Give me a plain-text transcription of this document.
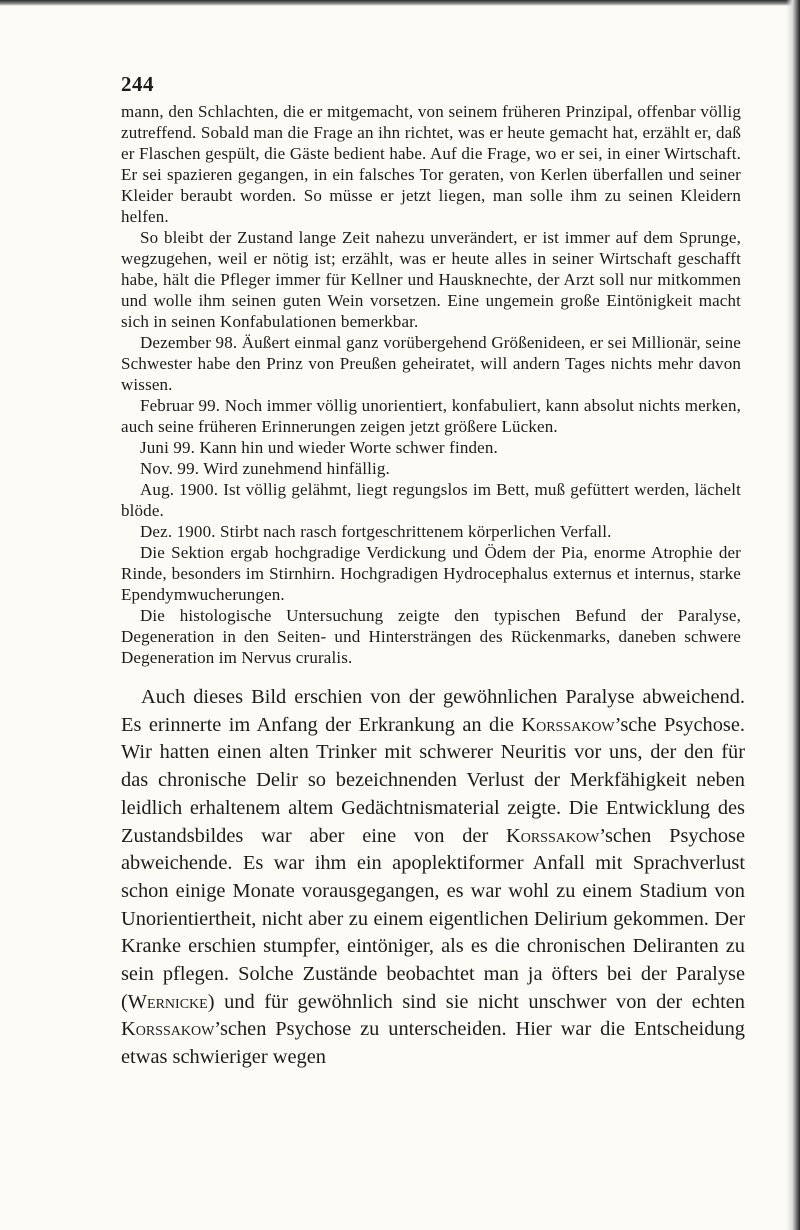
244

mann, den Schlachten, die er mitgemacht, von seinem früheren Prinzipal, offenbar völlig zutreffend. Sobald man die Frage an ihn richtet, was er heute gemacht hat, erzählt er, daß er Flaschen gespült, die Gäste bedient habe. Auf die Frage, wo er sei, in einer Wirtschaft. Er sei spazieren gegangen, in ein falsches Tor geraten, von Kerlen überfallen und seiner Kleider beraubt worden. So müsse er jetzt liegen, man solle ihm zu seinen Kleidern helfen.

So bleibt der Zustand lange Zeit nahezu unverändert, er ist immer auf dem Sprunge, wegzugehen, weil er nötig ist; erzählt, was er heute alles in seiner Wirtschaft geschafft habe, hält die Pfleger immer für Kellner und Hausknechte, der Arzt soll nur mitkommen und wolle ihm seinen guten Wein vorsetzen. Eine ungemein große Eintönigkeit macht sich in seinen Konfabulationen bemerkbar.

Dezember 98. Äußert einmal ganz vorübergehend Größenideen, er sei Millionär, seine Schwester habe den Prinz von Preußen geheiratet, will andern Tages nichts mehr davon wissen.

Februar 99. Noch immer völlig unorientiert, konfabuliert, kann absolut nichts merken, auch seine früheren Erinnerungen zeigen jetzt größere Lücken.

Juni 99. Kann hin und wieder Worte schwer finden.

Nov. 99. Wird zunehmend hinfällig.

Aug. 1900. Ist völlig gelähmt, liegt regungslos im Bett, muß gefüttert werden, lächelt blöde.

Dez. 1900. Stirbt nach rasch fortgeschrittenem körperlichen Verfall.

Die Sektion ergab hochgradige Verdickung und Ödem der Pia, enorme Atrophie der Rinde, besonders im Stirnhirn. Hochgradigen Hydrocephalus externus et internus, starke Ependymwucherungen.

Die histologische Untersuchung zeigte den typischen Befund der Paralyse, Degeneration in den Seiten- und Hintersträngen des Rückenmarks, daneben schwere Degeneration im Nervus cruralis.

Auch dieses Bild erschien von der gewöhnlichen Paralyse abweichend. Es erinnerte im Anfang der Erkrankung an die Korssakow’sche Psychose. Wir hatten einen alten Trinker mit schwerer Neuritis vor uns, der den für das chronische Delir so bezeichnenden Verlust der Merkfähigkeit neben leidlich erhaltenem altem Gedächtnismaterial zeigte. Die Entwicklung des Zustandsbildes war aber eine von der Korssakow’schen Psychose abweichende. Es war ihm ein apoplektiformer Anfall mit Sprachverlust schon einige Monate vorausgegangen, es war wohl zu einem Stadium von Unorientiertheit, nicht aber zu einem eigentlichen Delirium gekommen. Der Kranke erschien stumpfer, eintöniger, als es die chronischen Deliranten zu sein pflegen. Solche Zustände beobachtet man ja öfters bei der Paralyse (Wernicke) und für gewöhnlich sind sie nicht unschwer von der echten Korssakow’schen Psychose zu unterscheiden. Hier war die Entscheidung etwas schwieriger wegen
